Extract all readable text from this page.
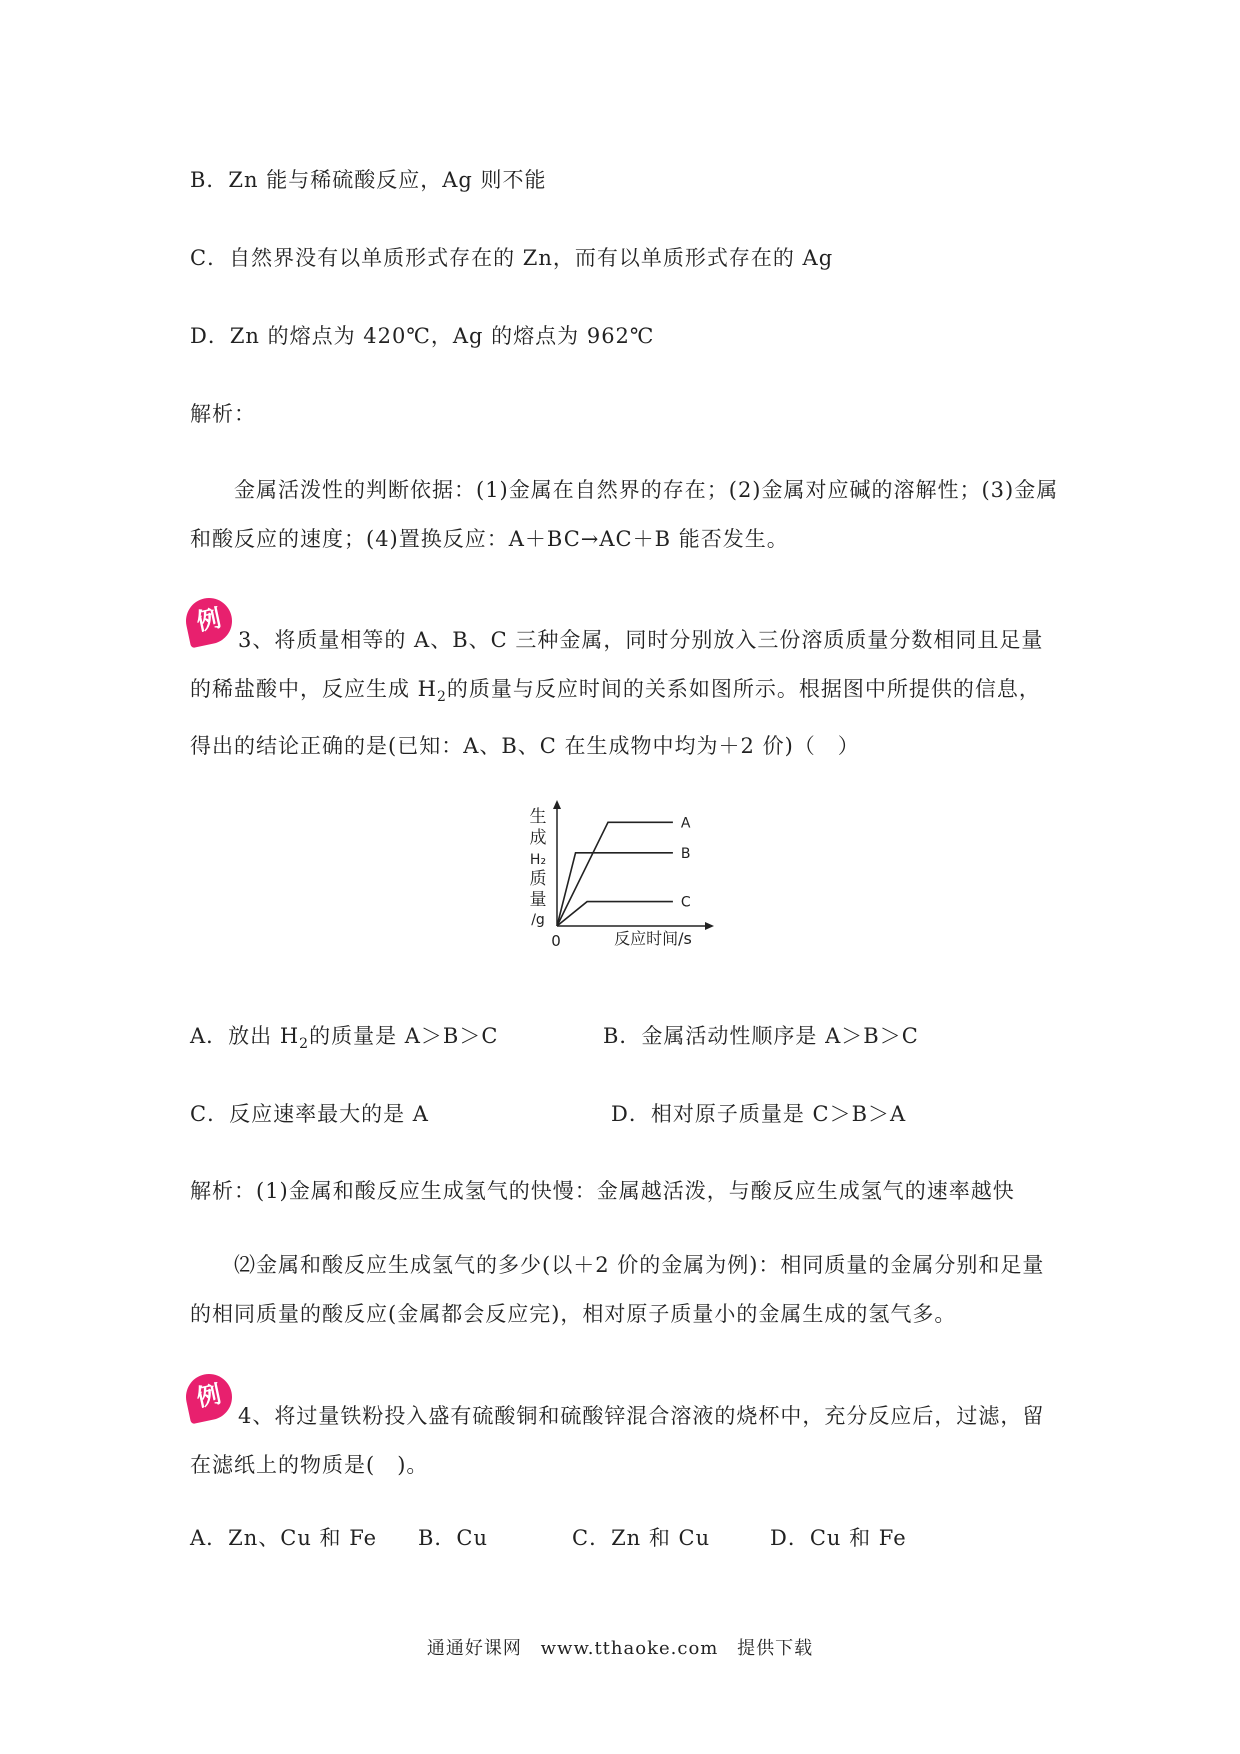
B．Zn 能与稀硫酸反应，Ag 则不能
C．自然界没有以单质形式存在的 Zn，而有以单质形式存在的 Ag
D．Zn 的熔点为 420℃，Ag 的熔点为 962℃
解析：
金属活泼性的判断依据：(1)金属在自然界的存在；(2)金属对应碱的溶解性；(3)金属和酸反应的速度；(4)置换反应：A＋BC→AC＋B 能否发生。
例
3、将质量相等的 A、B、C 三种金属，同时分别放入三份溶质质量分数相同且足量的稀盐酸中，反应生成 $H_2$的质量与反应时间的关系如图所示。根据图中所提供的信息，得出的结论正确的是(已知：A、B、C 在生成物中均为＋2 价)（　）
生
成
H₂
质
量
/g
0	反应时间/s
A
B
C
A．放出 $H_2$的质量是 A＞B＞C	B．金属活动性顺序是 A＞B＞C
C．反应速率最大的是 A	D．相对原子质量是 C＞B＞A
解析：(1)金属和酸反应生成氢气的快慢：金属越活泼，与酸反应生成氢气的速率越快
⑵金属和酸反应生成氢气的多少(以＋2 价的金属为例)：相同质量的金属分别和足量的相同质量的酸反应(金属都会反应完)，相对原子质量小的金属生成的氢气多。
例
4、将过量铁粉投入盛有硫酸铜和硫酸锌混合溶液的烧杯中，充分反应后，过滤，留在滤纸上的物质是(　)。
A．Zn、Cu 和 Fe B．Cu	C．Zn 和 Cu	D．Cu 和 Fe
通通好课网 www.tthaoke.com 提供下载
